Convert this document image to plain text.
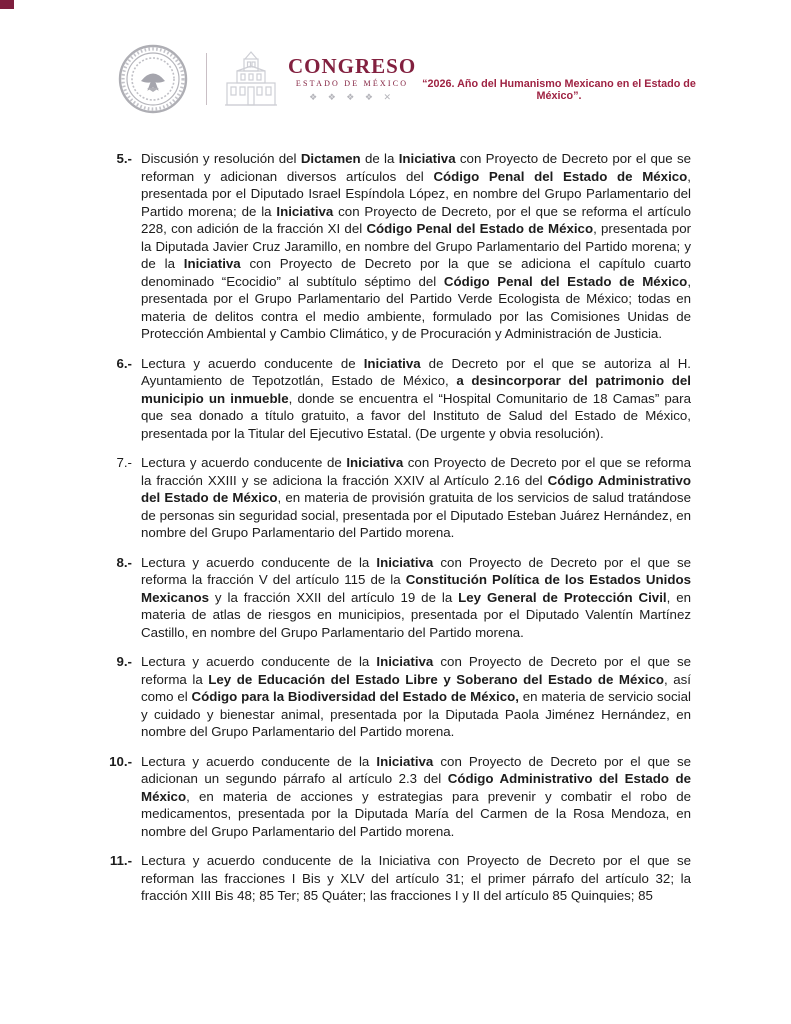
CONGRESO
ESTADO DE MÉXICO
❖ ❖ ❖ ❖ ✕
“2026. Año del Humanismo Mexicano en el Estado de México”.
5.- Discusión y resolución del Dictamen de la Iniciativa con Proyecto de Decreto por el que se reforman y adicionan diversos artículos del Código Penal del Estado de México, presentada por el Diputado Israel Espíndola López, en nombre del Grupo Parlamentario del Partido morena; de la Iniciativa con Proyecto de Decreto, por el que se reforma el artículo 228, con adición de la fracción XI del Código Penal del Estado de México, presentada por la Diputada Javier Cruz Jaramillo, en nombre del Grupo Parlamentario del Partido morena; y de la Iniciativa con Proyecto de Decreto por la que se adiciona el capítulo cuarto denominado “Ecocidio” al subtítulo séptimo del Código Penal del Estado de México, presentada por el Grupo Parlamentario del Partido Verde Ecologista de México; todas en materia de delitos contra el medio ambiente, formulado por las Comisiones Unidas de Protección Ambiental y Cambio Climático, y de Procuración y Administración de Justicia.
6.- Lectura y acuerdo conducente de Iniciativa de Decreto por el que se autoriza al H. Ayuntamiento de Tepotzotlán, Estado de México, a desincorporar del patrimonio del municipio un inmueble, donde se encuentra el “Hospital Comunitario de 18 Camas” para que sea donado a título gratuito, a favor del Instituto de Salud del Estado de México, presentada por la Titular del Ejecutivo Estatal. (De urgente y obvia resolución).
7.- Lectura y acuerdo conducente de Iniciativa con Proyecto de Decreto por el que se reforma la fracción XXIII y se adiciona la fracción XXIV al Artículo 2.16 del Código Administrativo del Estado de México, en materia de provisión gratuita de los servicios de salud tratándose de personas sin seguridad social, presentada por el Diputado Esteban Juárez Hernández, en nombre del Grupo Parlamentario del Partido morena.
8.- Lectura y acuerdo conducente de la Iniciativa con Proyecto de Decreto por el que se reforma la fracción V del artículo 115 de la Constitución Política de los Estados Unidos Mexicanos y la fracción XXII del artículo 19 de la Ley General de Protección Civil, en materia de atlas de riesgos en municipios, presentada por el Diputado Valentín Martínez Castillo, en nombre del Grupo Parlamentario del Partido morena.
9.- Lectura y acuerdo conducente de la Iniciativa con Proyecto de Decreto por el que se reforma la Ley de Educación del Estado Libre y Soberano del Estado de México, así como el Código para la Biodiversidad del Estado de México, en materia de servicio social y cuidado y bienestar animal, presentada por la Diputada Paola Jiménez Hernández, en nombre del Grupo Parlamentario del Partido morena.
10.- Lectura y acuerdo conducente de la Iniciativa con Proyecto de Decreto por el que se adicionan un segundo párrafo al artículo 2.3 del Código Administrativo del Estado de México, en materia de acciones y estrategias para prevenir y combatir el robo de medicamentos, presentada por la Diputada María del Carmen de la Rosa Mendoza, en nombre del Grupo Parlamentario del Partido morena.
11.- Lectura y acuerdo conducente de la Iniciativa con Proyecto de Decreto por el que se reforman las fracciones I Bis y XLV del artículo 31; el primer párrafo del artículo 32; la fracción XIII Bis 48; 85 Ter; 85 Quáter; las fracciones I y II del artículo 85 Quinquies; 85
